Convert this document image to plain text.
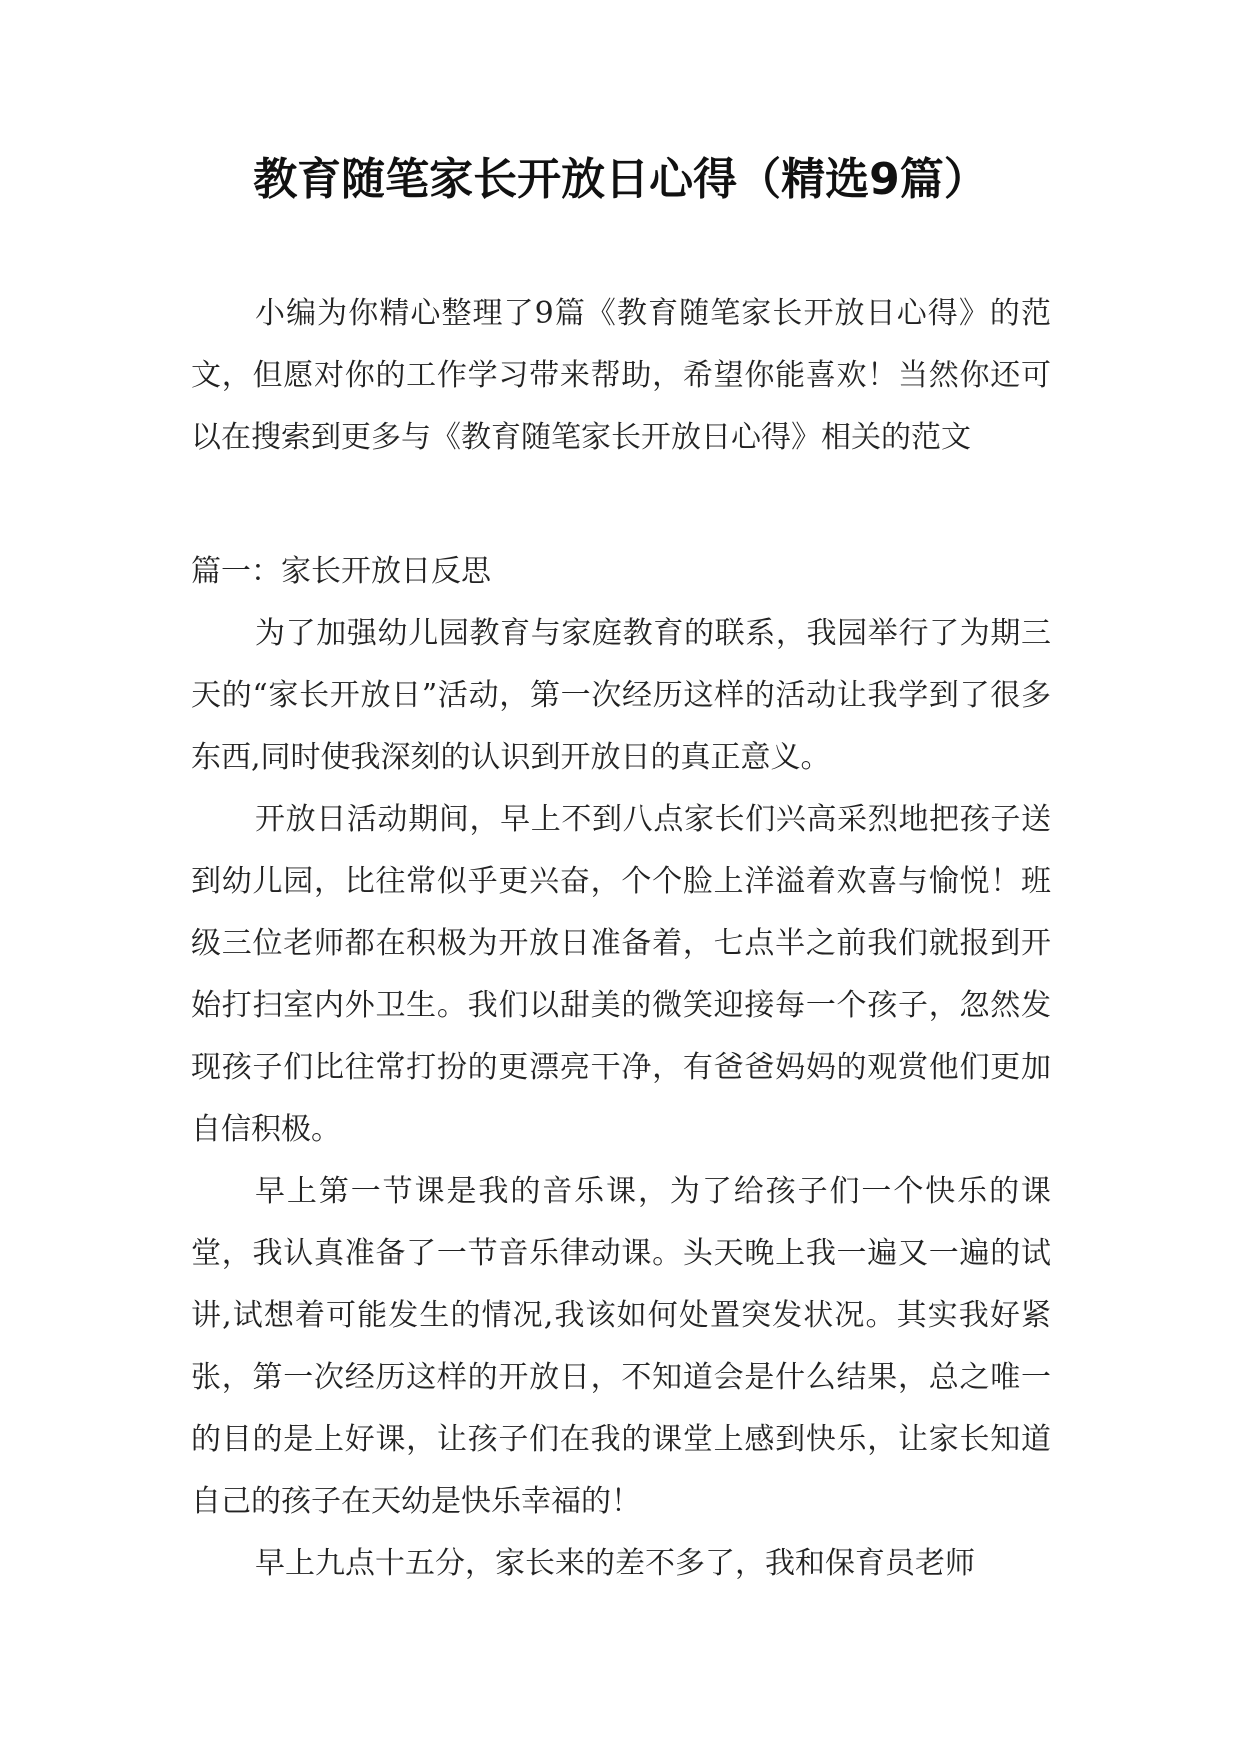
教育随笔家长开放日心得（精选9篇）

小编为你精心整理了9篇《教育随笔家长开放日心得》的范文，但愿对你的工作学习带来帮助，希望你能喜欢！当然你还可以在搜索到更多与《教育随笔家长开放日心得》相关的范文

篇一：家长开放日反思

为了加强幼儿园教育与家庭教育的联系，我园举行了为期三天的“家长开放日”活动，第一次经历这样的活动让我学到了很多东西,同时使我深刻的认识到开放日的真正意义。

开放日活动期间，早上不到八点家长们兴高采烈地把孩子送到幼儿园，比往常似乎更兴奋，个个脸上洋溢着欢喜与愉悦！班级三位老师都在积极为开放日准备着，七点半之前我们就报到开始打扫室内外卫生。我们以甜美的微笑迎接每一个孩子，忽然发现孩子们比往常打扮的更漂亮干净，有爸爸妈妈的观赏他们更加自信积极。

早上第一节课是我的音乐课，为了给孩子们一个快乐的课堂，我认真准备了一节音乐律动课。头天晚上我一遍又一遍的试讲,试想着可能发生的情况,我该如何处置突发状况。其实我好紧张，第一次经历这样的开放日，不知道会是什么结果，总之唯一的目的是上好课，让孩子们在我的课堂上感到快乐，让家长知道自己的孩子在天幼是快乐幸福的！

早上九点十五分，家长来的差不多了，我和保育员老师
